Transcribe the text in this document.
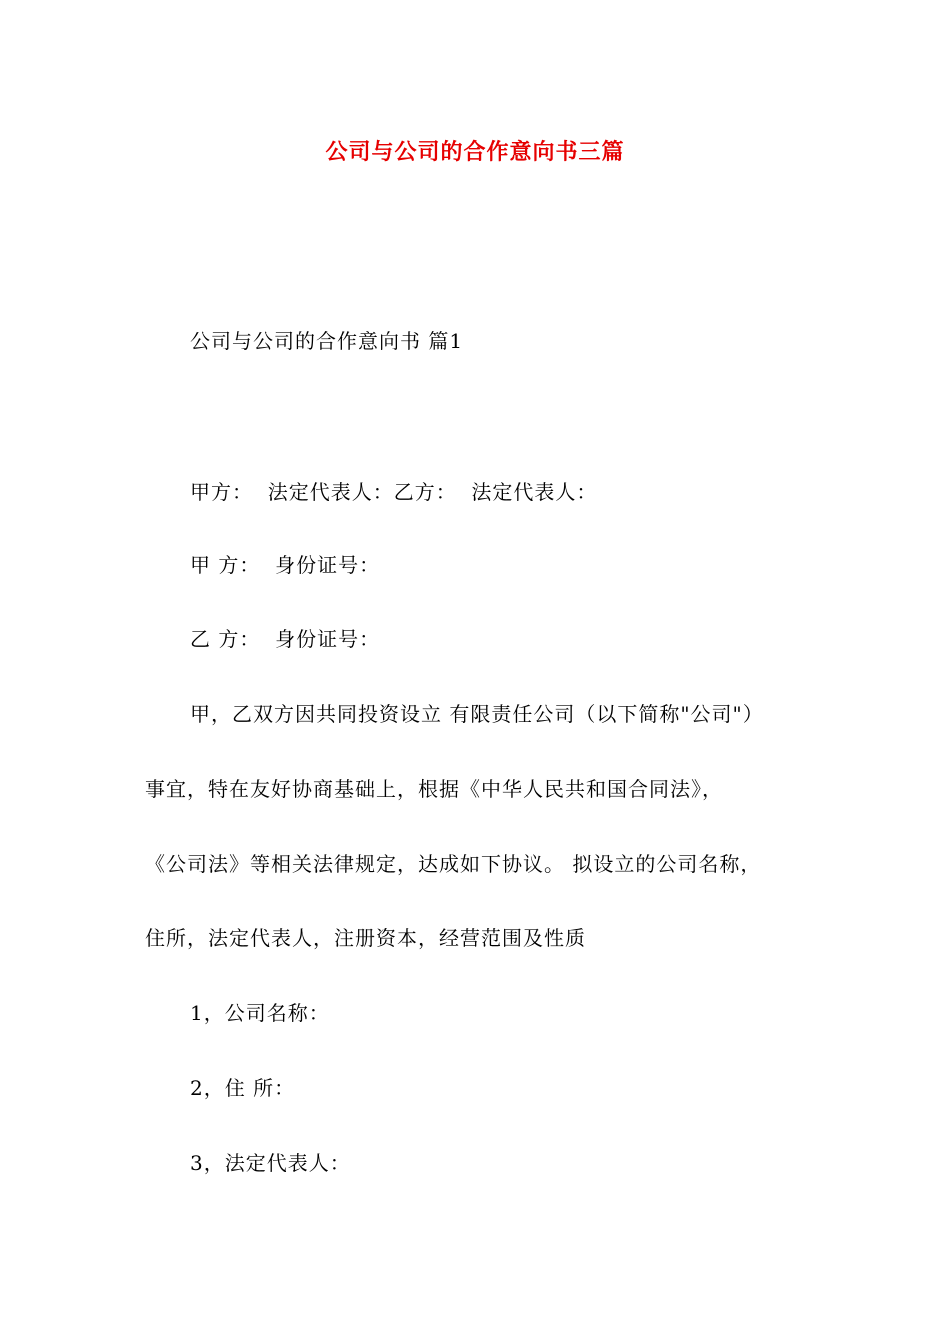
公司与公司的合作意向书三篇
公司与公司的合作意向书 篇1
甲方：  法定代表人：乙方：  法定代表人：
甲 方：  身份证号：
乙 方：  身份证号：
甲，乙双方因共同投资设立 有限责任公司（以下简称"公司"）
事宜，特在友好协商基础上，根据《中华人民共和国合同法》，
《公司法》等相关法律规定，达成如下协议。 拟设立的公司名称，
住所，法定代表人，注册资本，经营范围及性质
1，公司名称：
2，住 所：
3，法定代表人：
